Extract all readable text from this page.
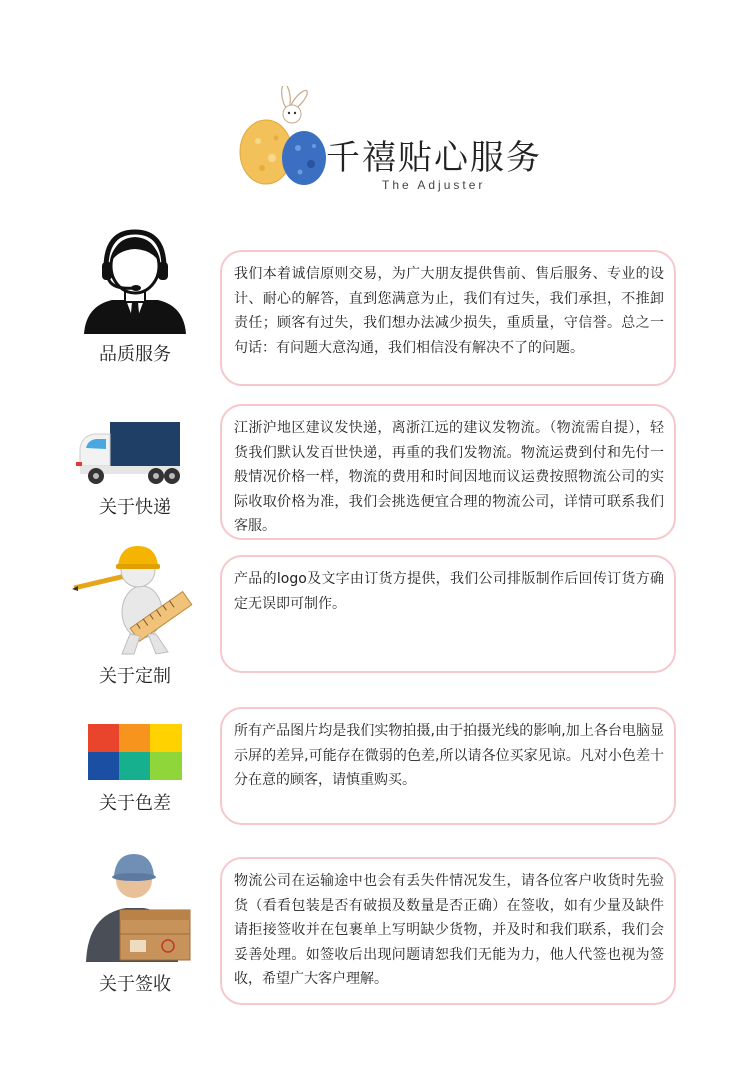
千禧贴心服务
The Adjuster
品质服务
我们本着诚信原则交易，为广大朋友提供售前、售后服务、专业的设计、耐心的解答，直到您满意为止，我们有过失，我们承担，不推卸责任；顾客有过失，我们想办法减少损失，重质量，守信誉。总之一句话：有问题大意沟通，我们相信没有解决不了的问题。
关于快递
江浙沪地区建议发快递，离浙江远的建议发物流。（物流需自提），轻货我们默认发百世快递，再重的我们发物流。物流运费到付和先付一般情况价格一样，物流的费用和时间因地而议运费按照物流公司的实际收取价格为准，我们会挑选便宜合理的物流公司，详情可联系我们客服。
关于定制
产品的logo及文字由订货方提供，我们公司排版制作后回传订货方确定无误即可制作。
关于色差
所有产品图片均是我们实物拍摄,由于拍摄光线的影响,加上各台电脑显示屏的差异,可能存在微弱的色差,所以请各位买家见谅。凡对小色差十分在意的顾客，请慎重购买。
关于签收
物流公司在运输途中也会有丢失件情况发生，请各位客户收货时先验货（看看包装是否有破损及数量是否正确）在签收，如有少量及缺件请拒接签收并在包裹单上写明缺少货物，并及时和我们联系，我们会妥善处理。如签收后出现问题请恕我们无能为力，他人代签也视为签收，希望广大客户理解。
